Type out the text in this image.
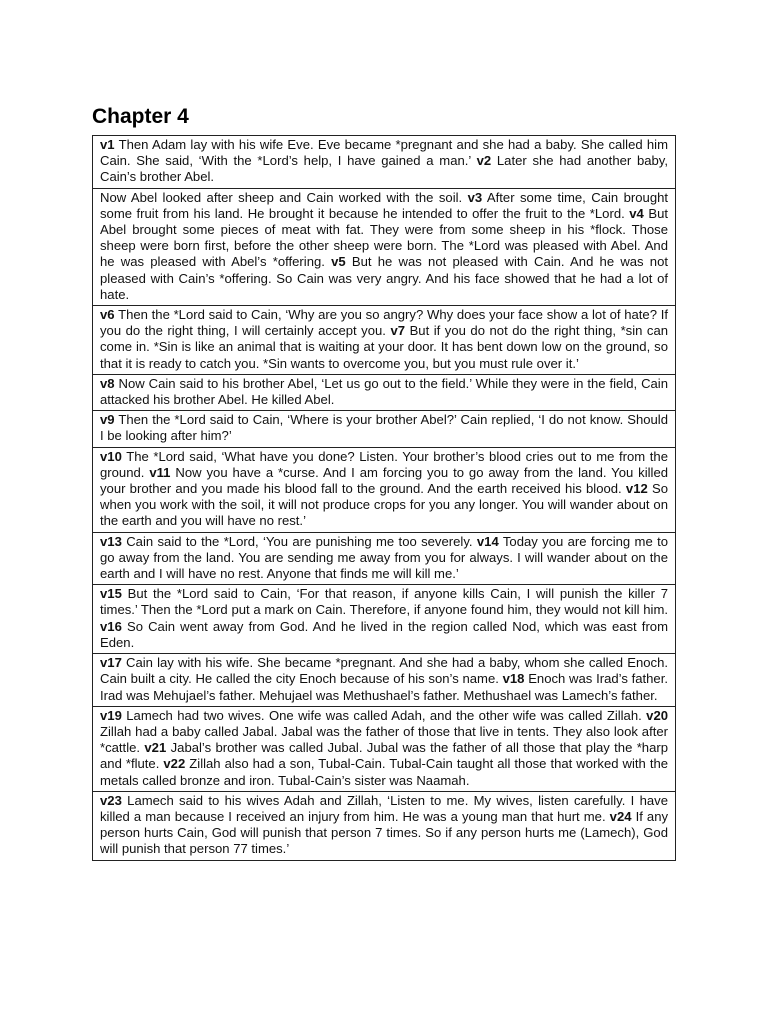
Chapter 4
v1 Then Adam lay with his wife Eve. Eve became *pregnant and she had a baby. She called him Cain. She said, ‘With the *Lord’s help, I have gained a man.’ v2 Later she had another baby, Cain’s brother Abel.
Now Abel looked after sheep and Cain worked with the soil. v3 After some time, Cain brought some fruit from his land. He brought it because he intended to offer the fruit to the *Lord. v4 But Abel brought some pieces of meat with fat. They were from some sheep in his *flock. Those sheep were born first, before the other sheep were born. The *Lord was pleased with Abel. And he was pleased with Abel’s *offering. v5 But he was not pleased with Cain. And he was not pleased with Cain’s *offering. So Cain was very angry. And his face showed that he had a lot of hate.
v6 Then the *Lord said to Cain, ‘Why are you so angry? Why does your face show a lot of hate? If you do the right thing, I will certainly accept you. v7 But if you do not do the right thing, *sin can come in. *Sin is like an animal that is waiting at your door. It has bent down low on the ground, so that it is ready to catch you. *Sin wants to overcome you, but you must rule over it.’
v8 Now Cain said to his brother Abel, ‘Let us go out to the field.’ While they were in the field, Cain attacked his brother Abel. He killed Abel.
v9 Then the *Lord said to Cain, ‘Where is your brother Abel?’ Cain replied, ‘I do not know. Should I be looking after him?’
v10 The *Lord said, ‘What have you done? Listen. Your brother’s blood cries out to me from the ground. v11 Now you have a *curse. And I am forcing you to go away from the land. You killed your brother and you made his blood fall to the ground. And the earth received his blood. v12 So when you work with the soil, it will not produce crops for you any longer. You will wander about on the earth and you will have no rest.’
v13 Cain said to the *Lord, ‘You are punishing me too severely. v14 Today you are forcing me to go away from the land. You are sending me away from you for always. I will wander about on the earth and I will have no rest. Anyone that finds me will kill me.’
v15 But the *Lord said to Cain, ‘For that reason, if anyone kills Cain, I will punish the killer 7 times.’ Then the *Lord put a mark on Cain. Therefore, if anyone found him, they would not kill him. v16 So Cain went away from God. And he lived in the region called Nod, which was east from Eden.
v17 Cain lay with his wife. She became *pregnant. And she had a baby, whom she called Enoch. Cain built a city. He called the city Enoch because of his son’s name. v18 Enoch was Irad’s father. Irad was Mehujael’s father. Mehujael was Methushael’s father. Methushael was Lamech’s father.
v19 Lamech had two wives. One wife was called Adah, and the other wife was called Zillah. v20 Zillah had a baby called Jabal. Jabal was the father of those that live in tents. They also look after *cattle. v21 Jabal’s brother was called Jubal. Jubal was the father of all those that play the *harp and *flute. v22 Zillah also had a son, Tubal-Cain. Tubal-Cain taught all those that worked with the metals called bronze and iron. Tubal-Cain’s sister was Naamah.
v23 Lamech said to his wives Adah and Zillah, ‘Listen to me. My wives, listen carefully. I have killed a man because I received an injury from him. He was a young man that hurt me. v24 If any person hurts Cain, God will punish that person 7 times. So if any person hurts me (Lamech), God will punish that person 77 times.’
